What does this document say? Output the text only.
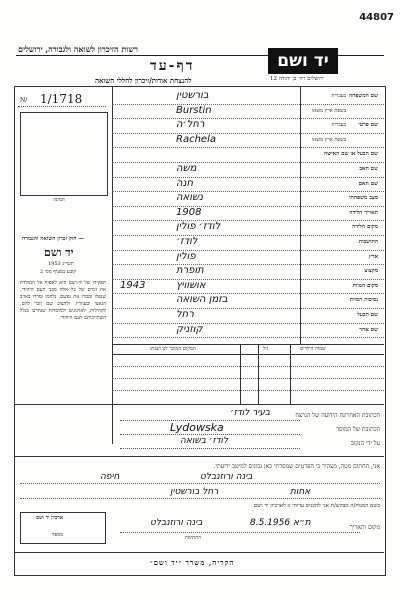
44807
רשות הזיכרון לשואה ולגבורה, ירושלים
יד ושם
ירושלים רח׳ בן יהודה 12
דף-עד
להנצחת אודות/זיכרון לחללי השואה
1/1718
N/
תמונה
חוק זכרון השואה והגבורה —
יד ושם
תשי״ג 1953
קובע בסעיף מס׳ 2
תפקידו של יד-ושם הוא לאסוף אל המולדת את זכרם של כל אלה מבני העם היהודי, שנפלו ומסרו את נפשם, נלחמו ומרדו באויב הנאצי ובעוזריו, ולהציב שם וזכר להם, לקהילות, לארגונים ולמוסדות שנחרבו בגלל השתייכותם לעם היהודי.
שם המשפחה
בעברית
בורשטין
בשפת ארץ מוצאו
Burstin
שם פרטי
בעברית
רחל׳ה
בשפת ארץ מוצאו
Rachela
שם הבעל או שם האישה
שם האב
משה
שם האם
חנה
מצב משפחתי
נשואה
תאריך הלידה
1908
מקום הלידה
לודז׳ פולין
התושבות
לודז׳
ארץ
פולין
מקצוע
תופרת
מקום המוות
אושוויץ
1943
נסיבות המוות
בזמן השואה
שם הבעל
רחל
שם אחר
קוזניק
שמות הילדים
גיל
המקום המוכר לנו ושנתו
הכתובת האחרונה הידועה של הנרצח
בעיר לודז׳
הכתובת של המוסר
Lydowska
על ידי הנקוב
לודז׳ בשואה
אני, החתום מטה, מצהיר כי הפרטים שמסרתי כאן נכונים למיטב ידיעתי.
בינה ורוזנבלט
חיפה
רחל בורשטין	אחות
בשם המנוח/ה מבקש/ת אני להכניס עדותי זו לארכיון יד ושם
ארכיון יד ושם
מספר
מקום ותאריך
ת״א 8.5.1956
בינה ורוזנבלט
החתימה
הקריה, משרד ״יד ושם״
